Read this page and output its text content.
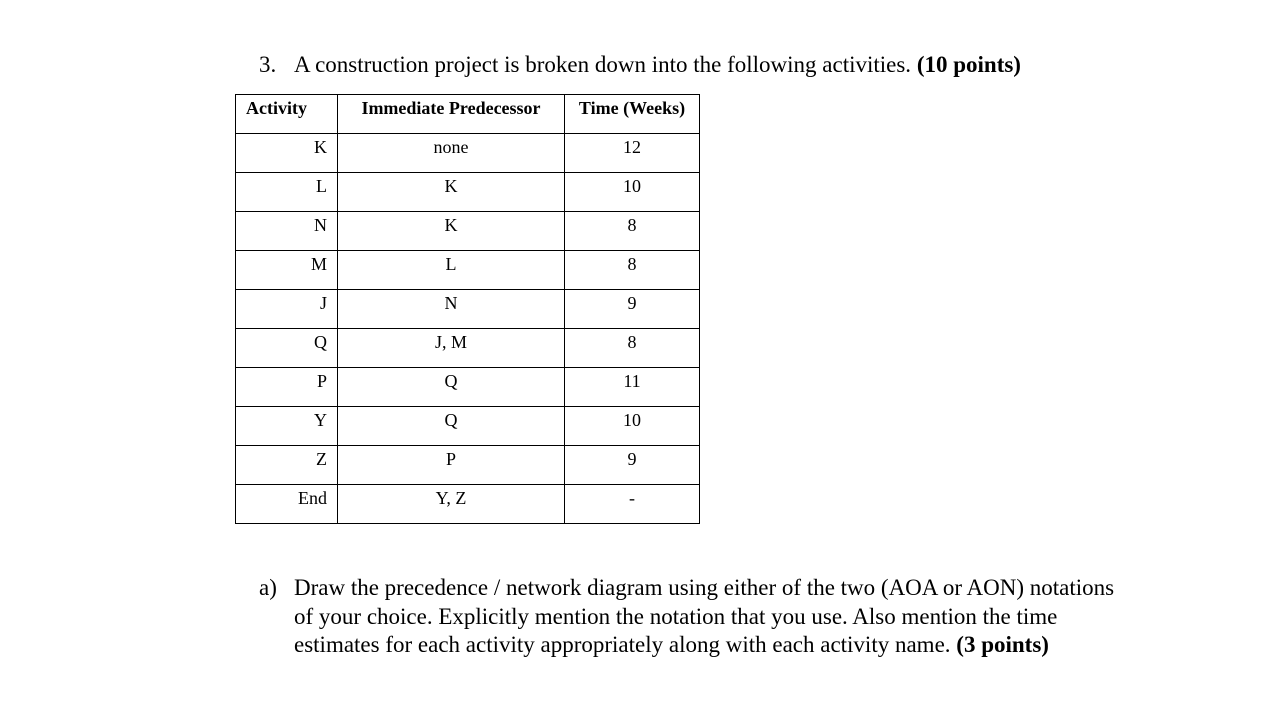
3. A construction project is broken down into the following activities. (10 points)
Activity	Immediate Predecessor	Time (Weeks)
K	none	12
L	K	10
N	K	8
M	L	8
J	N	9
Q	J, M	8
P	Q	11
Y	Q	10
Z	P	9
End	Y, Z	-
a) Draw the precedence / network diagram using either of the two (AOA or AON) notations
of your choice. Explicitly mention the notation that you use. Also mention the time
estimates for each activity appropriately along with each activity name. (3 points)
